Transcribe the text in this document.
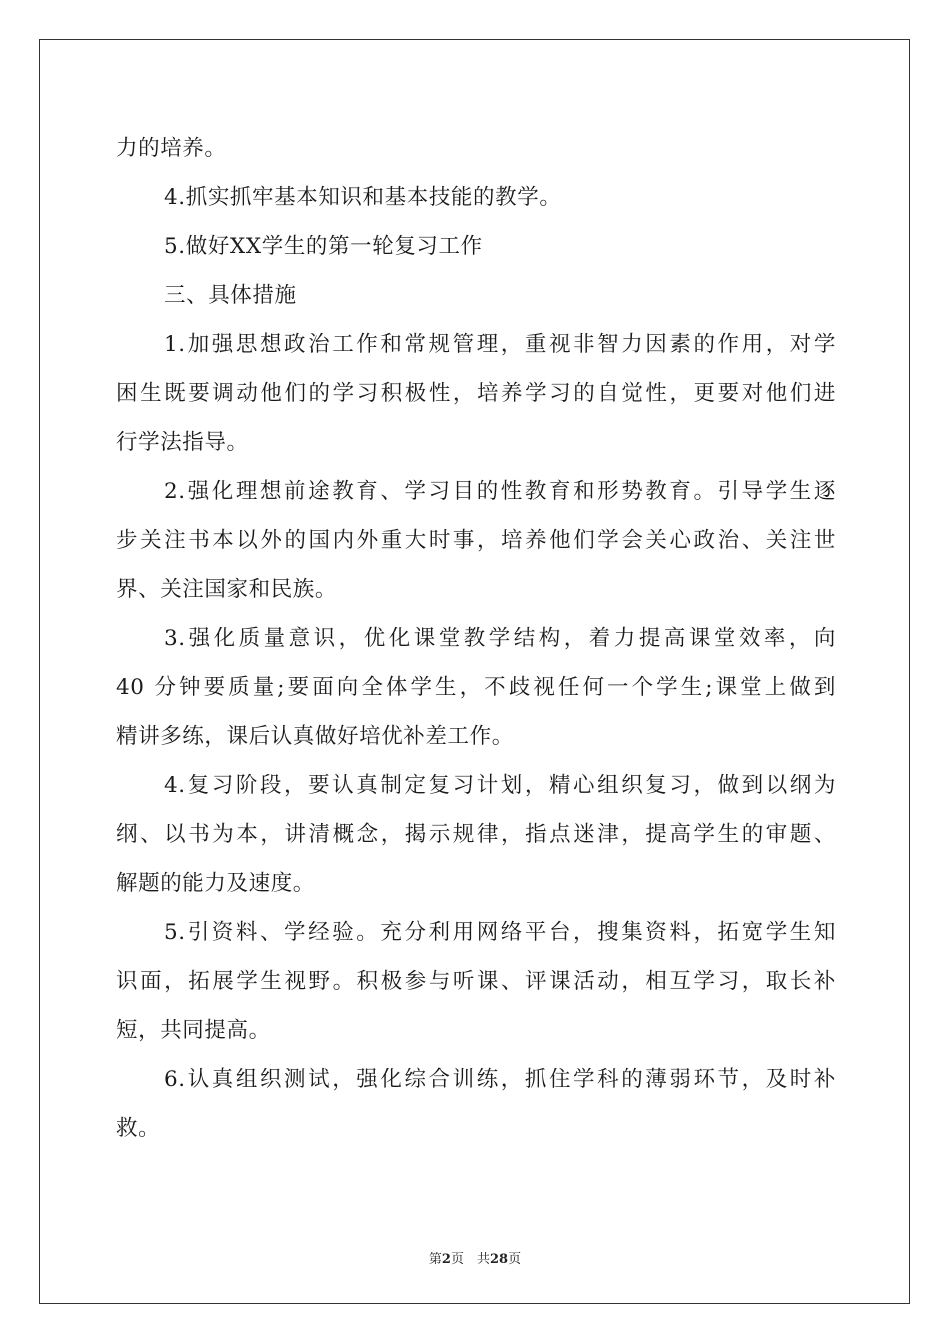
力的培养。
4.抓实抓牢基本知识和基本技能的教学。
5.做好XX学生的第一轮复习工作
三、具体措施
1.加强思想政治工作和常规管理，重视非智力因素的作用，对学
困生既要调动他们的学习积极性，培养学习的自觉性，更要对他们进
行学法指导。
2.强化理想前途教育、学习目的性教育和形势教育。引导学生逐
步关注书本以外的国内外重大时事，培养他们学会关心政治、关注世
界、关注国家和民族。
3.强化质量意识，优化课堂教学结构，着力提高课堂效率，向
40 分钟要质量;要面向全体学生，不歧视任何一个学生;课堂上做到
精讲多练，课后认真做好培优补差工作。
4.复习阶段，要认真制定复习计划，精心组织复习，做到以纲为
纲、以书为本，讲清概念，揭示规律，指点迷津，提高学生的审题、
解题的能力及速度。
5.引资料、学经验。充分利用网络平台，搜集资料，拓宽学生知
识面，拓展学生视野。积极参与听课、评课活动，相互学习，取长补
短，共同提高。
6.认真组织测试，强化综合训练，抓住学科的薄弱环节，及时补
救。
第2页　共28页
